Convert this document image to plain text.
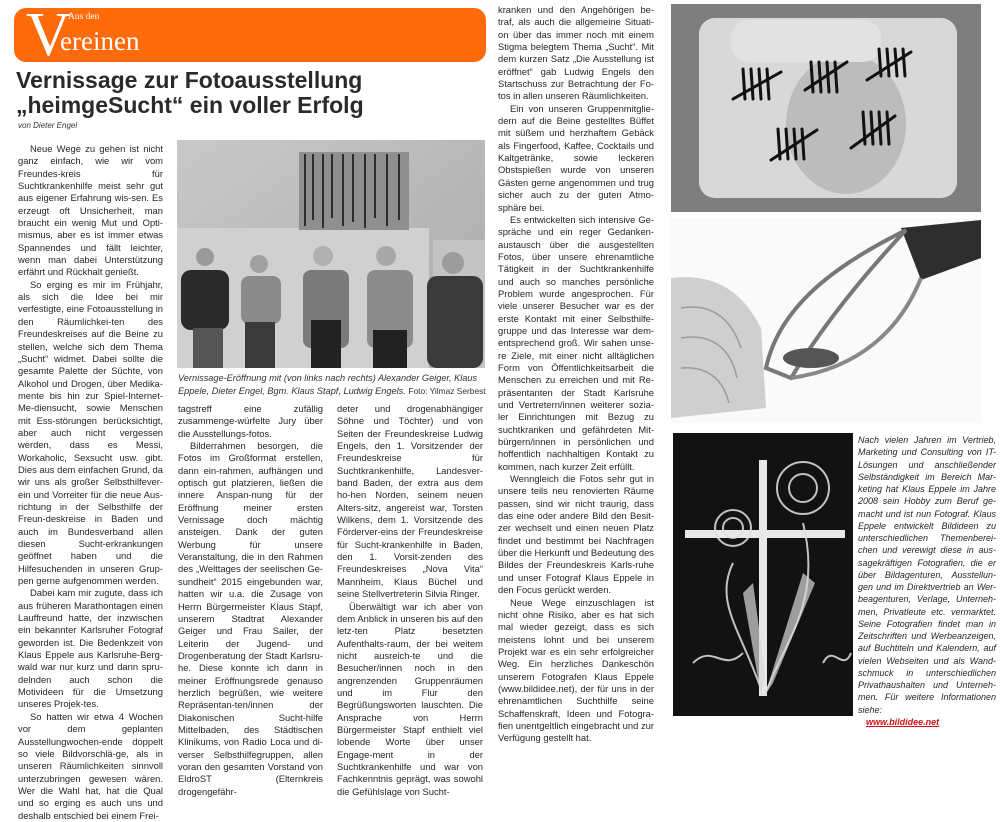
V
Aus den
ereinen
Vernissage zur Fotoausstellung
„heimgeSucht“ ein voller Erfolg
von Dieter Engel

Neue Wege zu gehen ist nicht ganz einfach, wie wir vom Freundes-kreis für Suchtkrankenhilfe meist sehr gut aus eigener Erfahrung wis-sen. Es erzeugt oft Unsicherheit, man braucht ein wenig Mut und Opti-mismus, aber es ist immer etwas Spannendes und fällt leichter, wenn man dabei Unterstützung erfährt und Rückhalt genießt.

So erging es mir im Frühjahr, als sich die Idee bei mir verfestigte, eine Fotoausstellung in den Räumlichkei-ten des Freundeskreises auf die Beine zu stellen, welche sich dem Thema „Sucht“ widmet. Dabei sollte die gesamte Palette der Süchte, von Alkohol und Drogen, über Medika-mente bis hin zur Spiel-Internet-Me-diensucht, sowie Menschen mit Ess-störungen berücksichtigt, aber auch nicht vergessen werden, dass es Messi, Workaholic, Sexsucht usw. gibt. Dies aus dem einfachen Grund, da wir uns als großer Selbsthilfever-ein und Vorreiter für die neue Aus-richtung in der Selbsthilfe der Freun-deskreise in Baden und auch im Bundesverband allen diesen Sucht-erkrankungen geöffnet haben und die Hilfesuchenden in unseren Grup-pen gerne aufgenommen werden.

Dabei kam mir zugute, dass ich aus früheren Marathontagen einen Lauffreund hatte, der inzwischen ein bekannter Karlsruher Fotograf geworden ist. Die Bedenkzeit von Klaus Eppele aus Karlsruhe-Berg-wald war nur kurz und dann spru-delnden auch schon die Motivideen für die Umsetzung unseres Projek-tes.

So hatten wir etwa 4 Wochen vor dem geplanten Ausstellungwochen-ende doppelt so viele Bildvorschlä-ge, als in unseren Räumlichkeiten sinnvoll unterzubringen gewesen wären. Wer die Wahl hat, hat die Qual und so erging es auch uns und deshalb entschied bei einem Frei-

Vernissage-Eröffnung mit (von links nach rechts) Alexander Geiger, Klaus Eppele, Dieter Engel, Bgm. Klaus Stapf, Ludwig Engels. Foto: Yilmaz Serbest

tagstreff eine zufällig zusammenge-würfelte Jury über die Ausstellungs-fotos.

Bilderrahmen besorgen, die Fotos im Großformat erstellen, dann ein-rahmen, aufhängen und optisch gut platzieren, ließen die innere Anspan-nung für der Eröffnung meiner ersten Vernissage doch mächtig ansteigen. Dank der guten Werbung für unsere Veranstaltung, die in den Rahmen des „Welttages der seelischen Ge-sundheit“ 2015 eingebunden war, hatten wir u.a. die Zusage von Herrn Bürgermeister Klaus Stapf, unserem Stadtrat Alexander Geiger und Frau Sailer, der Leiterin der Jugend- und Drogenberatung der Stadt Karlsru-he. Diese konnte ich dann in meiner Eröffnungsrede genauso herzlich begrüßen, wie weitere Repräsentan-ten/innen der Diakonischen Sucht-hilfe Mittelbaden, des Städtischen Klinikums, von Radio Loca und di-verser Selbsthilfegruppen, allen voran den gesamten Vorstand von EldroST (Elternkreis drogengefähr-

deter und drogenabhängiger Söhne und Töchter) und von Seiten der Freundeskreise Ludwig Engels, den 1. Vorsitzender der Freundeskreise für Suchtkrankenhilfe, Landesver-band Baden, der extra aus dem ho-hen Norden, seinem neuen Alters-sitz, angereist war, Torsten Wilkens, dem 1. Vorsitzende des Förderver-eins der Freundeskreise für Sucht-krankenhilfe in Baden, den 1. Vorsit-zenden des Freundeskreises „Nova Vita“ Mannheim, Klaus Büchel und seine Stellvertreterin Silvia Ringer.

Überwältigt war ich aber von dem Anblick in unseren bis auf den letz-ten Platz besetzten Aufenthalts-raum, der bei weitem nicht ausreich-te und die Besucher/innen noch in den angrenzenden Gruppenräumen und im Flur den Begrüßungsworten lauschten. Die Ansprache von Herrn Bürgermeister Stapf enthielt viel lobende Worte über unser Engage-ment in der Suchtkrankenhilfe und war von Fachkenntnis geprägt, was sowohl die Gefühlslage von Sucht-

kranken und den Angehörigen be-traf, als auch die allgemeine Situati-on über das immer noch mit einem Stigma belegtem Thema „Sucht“. Mit dem kurzen Satz „Die Ausstellung ist eröffnet“ gab Ludwig Engels den Startschuss zur Betrachtung der Fo-tos in allen unseren Räumlichkeiten.

Ein von unseren Gruppenmitglie-dern auf die Beine gestelltes Büffet mit süßem und herzhaftem Gebäck als Fingerfood, Kaffee, Cocktails und Kaltgetränke, sowie leckeren Obstspießen wurde von unseren Gästen gerne angenommen und trug sicher auch zu der guten Atmo-sphäre bei.

Es entwickelten sich intensive Ge-spräche und ein reger Gedanken-austausch über die ausgestellten Fotos, über unsere ehrenamtliche Tätigkeit in der Suchtkrankenhilfe und auch so manches persönliche Problem wurde angesprochen. Für viele unserer Besucher war es der erste Kontakt mit einer Selbsthilfe-gruppe und das Interesse war dem-entsprechend groß. Wir sahen unse-re Ziele, mit einer nicht alltäglichen Form von Öffentlichkeitsarbeit die Menschen zu erreichen und mit Re-präsentanten der Stadt Karlsruhe und Vertretern/innen weiterer sozia-ler Einrichtungen mit Bezug zu suchtkranken und gefährdeten Mit-bürgern/innen in persönlichen und hoffentlich nachhaltigen Kontakt zu kommen, nach kurzer Zeit erfüllt.

Wenngleich die Fotos sehr gut in unsere teils neu renovierten Räume passen, sind wir nicht traurig, dass das eine oder andere Bild den Besit-zer wechselt und einen neuen Platz findet und bestimmt bei Nachfragen über die Herkunft und Bedeutung des Bildes der Freundeskreis Karls-ruhe und unser Fotograf Klaus Eppele in den Focus gerückt werden.

Neue Wege einzuschlagen ist nicht ohne Risiko, aber es hat sich mal wieder gezeigt, dass es sich meistens lohnt und bei unserem Projekt war es ein sehr erfolgreicher Weg. Ein herzliches Dankeschön unserem Fotografen Klaus Eppele (www.bildidee.net), der für uns in der ehrenamtlichen Suchthilfe seine Schaffenskraft, Ideen und Fotogra-fien unentgeltlich eingebracht und zur Verfügung gestellt hat.

Nach vielen Jahren im Vertrieb, Marketing und Consulting von IT-Lösungen und anschließender Selbständigkeit im Bereich Mar-keting hat Klaus Eppele im Jahre 2008 sein Hobby zum Beruf ge-macht und ist nun Fotograf. Klaus Eppele entwickelt Bildideen zu unterschiedlichen Themenberei-chen und verewigt diese in aus-sagekräftigen Fotografien, die er über Bildagenturen, Ausstellun-gen und im Direktvertrieb an Wer-beagenturen, Verlage, Unterneh-men, Privatleute etc. vermarktet. Seine Fotografien findet man in Zeitschriften und Werbeanzeigen, auf Buchtiteln und Kalendern, auf vielen Webseiten und als Wand-schmuck in unterschiedlichen Privathaushalten und Unterneh-men. Für weitere Informationen siehe:
www.bildidee.net
